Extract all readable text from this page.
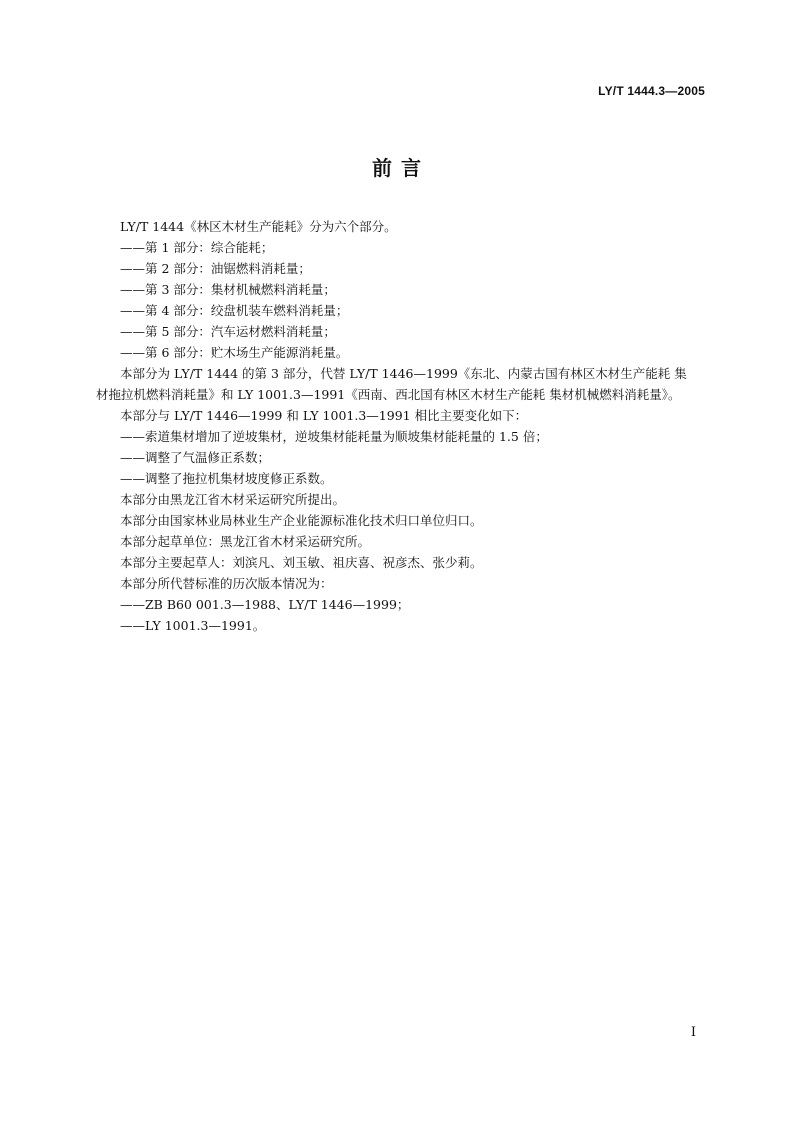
LY/T 1444.3—2005
前 言

LY/T 1444《林区木材生产能耗》分为六个部分。

——第 1 部分：综合能耗；

——第 2 部分：油锯燃料消耗量；

——第 3 部分：集材机械燃料消耗量；

——第 4 部分：绞盘机装车燃料消耗量；

——第 5 部分：汽车运材燃料消耗量；

——第 6 部分：贮木场生产能源消耗量。

本部分为 LY/T 1444 的第 3 部分，代替 LY/T 1446—1999《东北、内蒙古国有林区木材生产能耗 集

材拖拉机燃料消耗量》和 LY 1001.3—1991《西南、西北国有林区木材生产能耗 集材机械燃料消耗量》。

本部分与 LY/T 1446—1999 和 LY 1001.3—1991 相比主要变化如下：

——索道集材增加了逆坡集材，逆坡集材能耗量为顺坡集材能耗量的 1.5 倍；

——调整了气温修正系数；

——调整了拖拉机集材坡度修正系数。

本部分由黑龙江省木材采运研究所提出。

本部分由国家林业局林业生产企业能源标准化技术归口单位归口。

本部分起草单位：黑龙江省木材采运研究所。

本部分主要起草人：刘滨凡、刘玉敏、祖庆喜、祝彦杰、张少莉。

本部分所代替标准的历次版本情况为：

——ZB B60 001.3—1988、LY/T 1446—1999；

——LY 1001.3—1991。

I
